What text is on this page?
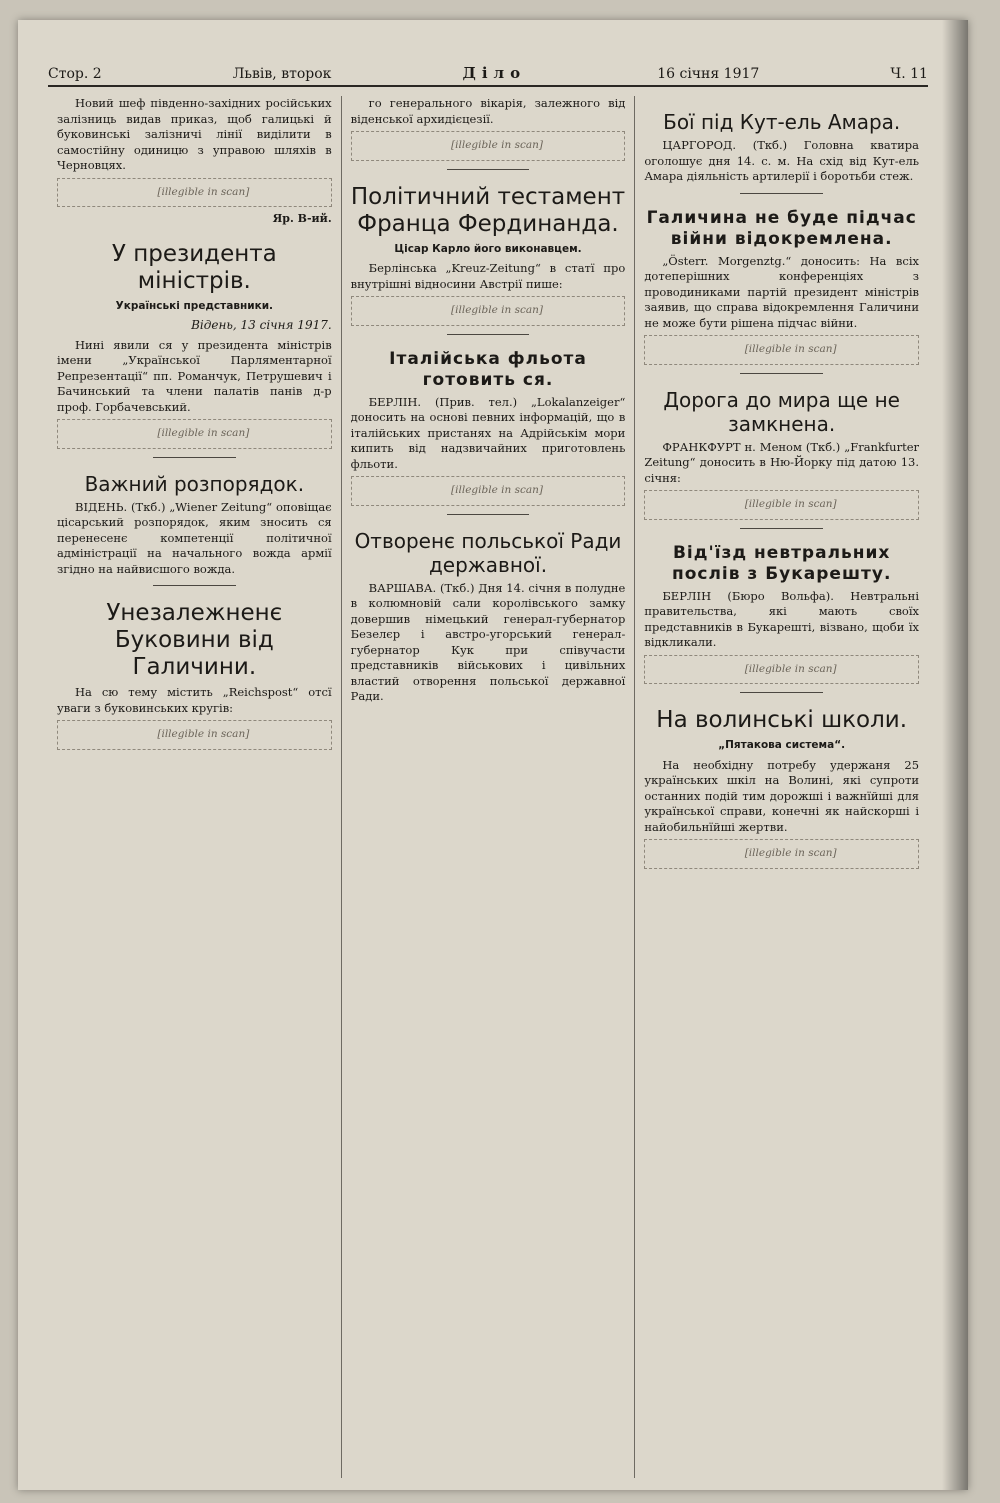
Стор. 2	Львів, второк	Діло	16 січня 1917	Ч. 11

Новий шеф південно-західних російських залізниць видав приказ, щоб галицькі й буковинські залізничі лінії виділити в самостійну одиницю з управою шляхів в Черновцях.

[illegible in scan]

Яр. В-ий.
У президента міністрів.
Українські представники.
Відень, 13 січня 1917.

Нині явили ся у президента міністрів імени „Української Парляментарної Репрезентації“ пп. Романчук, Петрушевич і Бачинський та члени палатів панів д-р проф. Горбачевський.

[illegible in scan]

Важний розпорядок.

ВІДЕНЬ. (Ткб.) „Wiener Zeitung“ оповіщає цісарський розпорядок, яким зносить ся перенесенє компетенції політичної адміністрації на начального вожда армії згідно на найвисшого вожда.

Унезалежненє Буковини від Галичини.

На сю тему містить „Reichspost“ отсї уваги з буковинських кругів:

[illegible in scan]

го генерального вікарія, залежного від віденської архидієцезії.

[illegible in scan]

Політичний тестамент Франца Фердинанда.
Цісар Карло його виконавцем.

Берлінська „Kreuz-Zeitung“ в статї про внутрішні відносини Австрії пише:

[illegible in scan]

Італійська фльота готовить ся.

БЕРЛІН. (Прив. тел.) „Lokalanzeiger“ доносить на основі певних інформацій, що в італійських пристанях на Адрійськім мори кипить від надзвичайних приготовлень фльоти.

[illegible in scan]

Отворенє польської Ради державної.

ВАРШАВА. (Ткб.) Дня 14. січня в полудне в колюмновій сали королівського замку довершив німецький генерал-губернатор Безелєр і австро-угорський генерал-губернатор Кук при співучасти представників військових і цивільних властий отворення польської державної Ради.

Бої під Кут-ель Амара.

ЦАРГОРОД. (Ткб.) Головна кватира оголошує дня 14. с. м. На схід від Кут-ель Амара діяльність артилерії і боротьби стеж.

Галичина не буде підчас війни відокремлена.

„Österr. Morgenztg.“ доносить: На всіх дотеперішних конференціях з проводиниками партій президент міністрів заявив, що справа відокремлення Галичини не може бути рішена підчас війни.

[illegible in scan]

Дорога до мира ще не замкнена.

ФРАНКФУРТ н. Меном (Ткб.) „Frankfurter Zeitung“ доносить в Ню-Йорку під датою 13. січня:

[illegible in scan]

Від'їзд невтральних послів з Букарешту.

БЕРЛІН (Бюро Вольфа). Невтральні правительства, які мають своїх представників в Букарешті, візвано, щоби їх відкликали.

[illegible in scan]

На волинські школи.
„Пятакова система“.

На необхідну потребу удержаня 25 українських шкіл на Волині, які супроти останних подій тим дорожші і важнїйші для української справи, конечні як найскорші і найобильнїйші жертви.

[illegible in scan]
